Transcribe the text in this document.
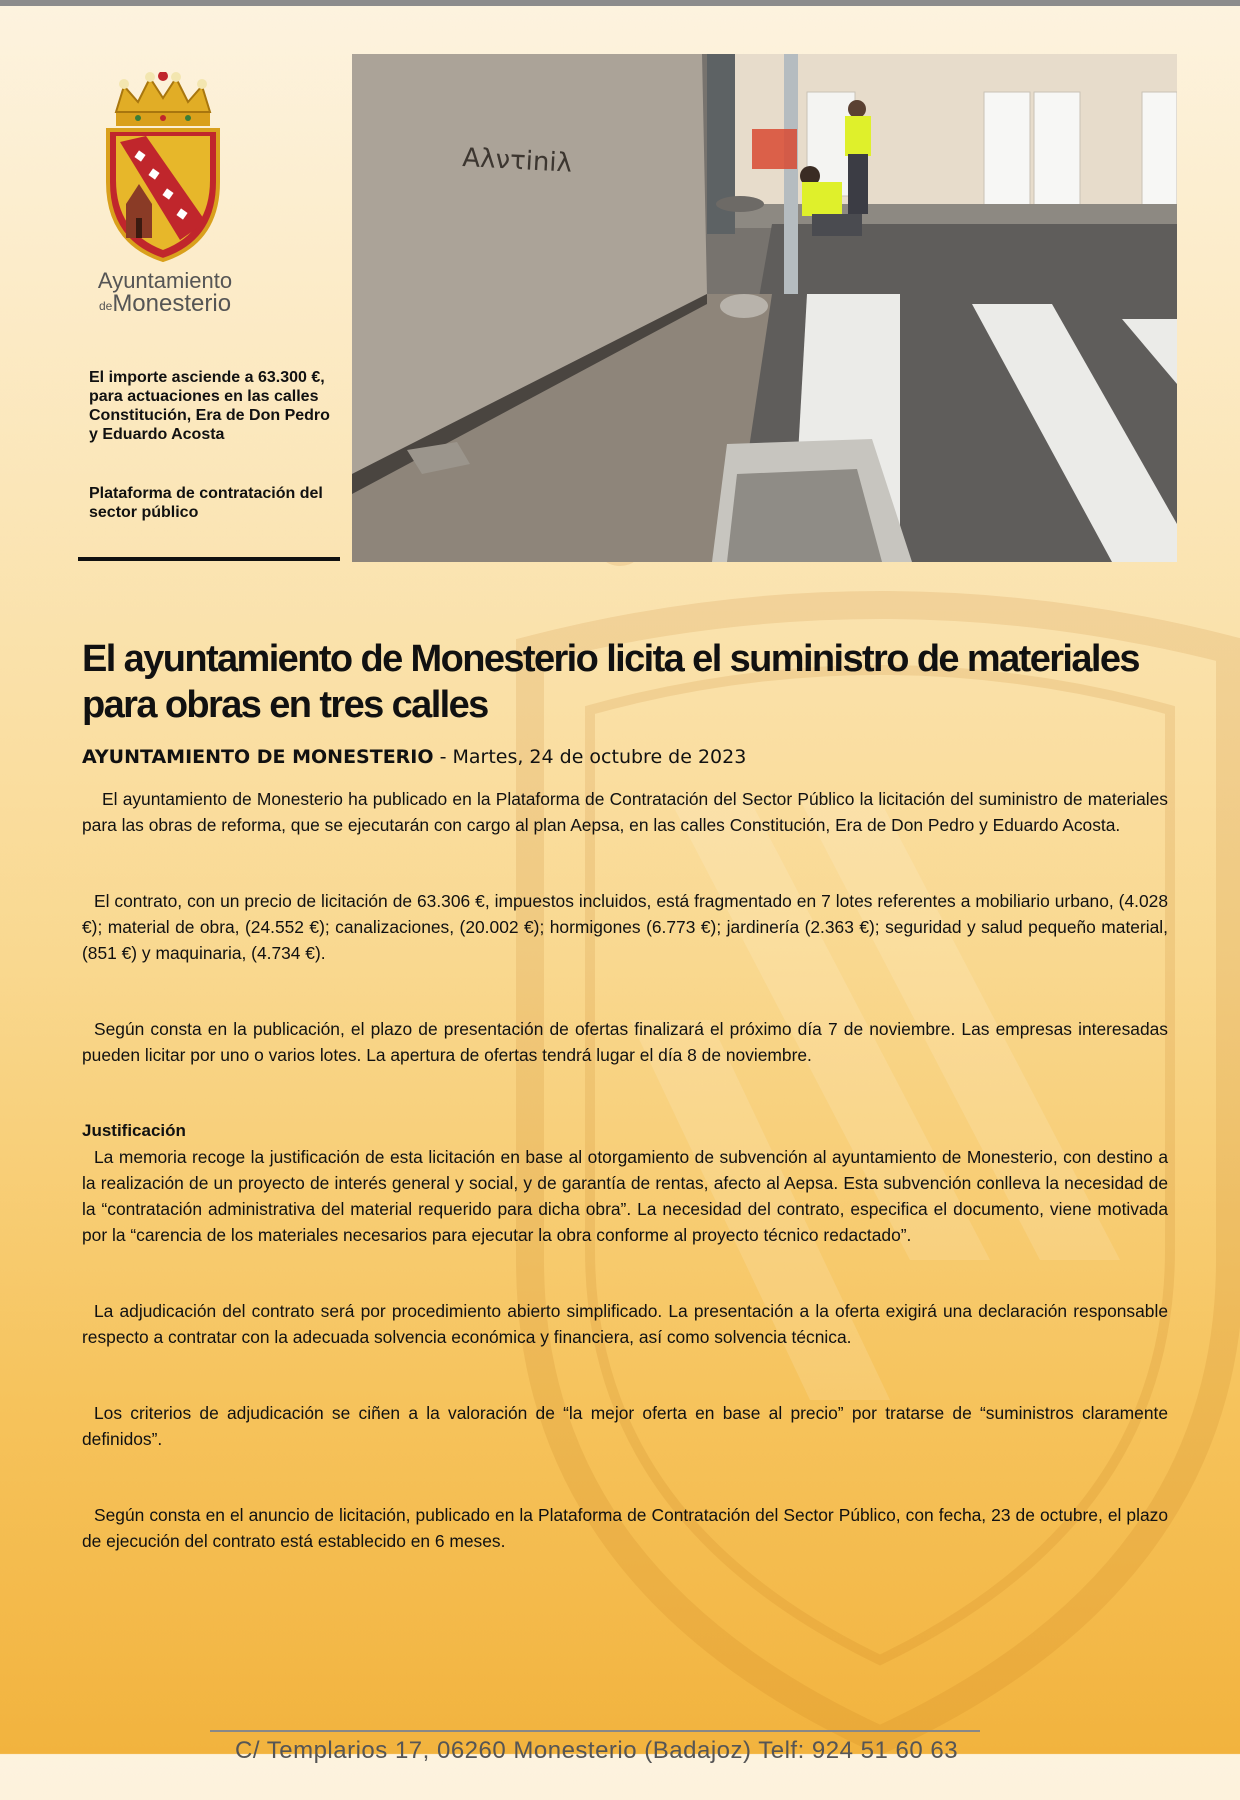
Ayuntamiento
deMonesterio
El importe asciende a 63.300 €, para actuaciones en las calles Constitución, Era de Don Pedro y Eduardo Acosta
Plataforma de contratación del sector público
Aλντiniλ
El ayuntamiento de Monesterio licita el suministro de materiales para obras en tres calles
AYUNTAMIENTO DE MONESTERIO - Martes, 24 de octubre de 2023

El ayuntamiento de Monesterio ha publicado en la Plataforma de Contratación del Sector Público la licitación del suministro de materiales para las obras de reforma, que se ejecutarán con cargo al plan Aepsa, en las calles Constitución, Era de Don Pedro y Eduardo Acosta.

El contrato, con un precio de licitación de 63.306 €, impuestos incluidos, está fragmentado en 7 lotes referentes a mobiliario urbano, (4.028 €); material de obra, (24.552 €); canalizaciones, (20.002 €); hormigones (6.773 €); jardinería (2.363 €); seguridad y salud pequeño material, (851 €) y maquinaria, (4.734 €).

Según consta en la publicación, el plazo de presentación de ofertas finalizará el próximo día 7 de noviembre. Las empresas interesadas pueden licitar por uno o varios lotes. La apertura de ofertas tendrá lugar el día 8 de noviembre.

Justificación

La memoria recoge la justificación de esta licitación en base al otorgamiento de subvención al ayuntamiento de Monesterio, con destino a la realización de un proyecto de interés general y social, y de garantía de rentas, afecto al Aepsa. Esta subvención conlleva la necesidad de la “contratación administrativa del material requerido para dicha obra”. La necesidad del contrato, especifica el documento, viene motivada por la “carencia de los materiales necesarios para ejecutar la obra conforme al proyecto técnico redactado”.

La adjudicación del contrato será por procedimiento abierto simplificado. La presentación a la oferta exigirá una declaración responsable respecto a contratar con la adecuada solvencia económica y financiera, así como solvencia técnica.

Los criterios de adjudicación se ciñen a la valoración de “la mejor oferta en base al precio” por tratarse de “suministros claramente definidos”.

Según consta en el anuncio de licitación, publicado en la Plataforma de Contratación del Sector Público, con fecha, 23 de octubre, el plazo de ejecución del contrato está establecido en 6 meses.

C/ Templarios 17, 06260 Monesterio (Badajoz) Telf: 924 51 60 63
